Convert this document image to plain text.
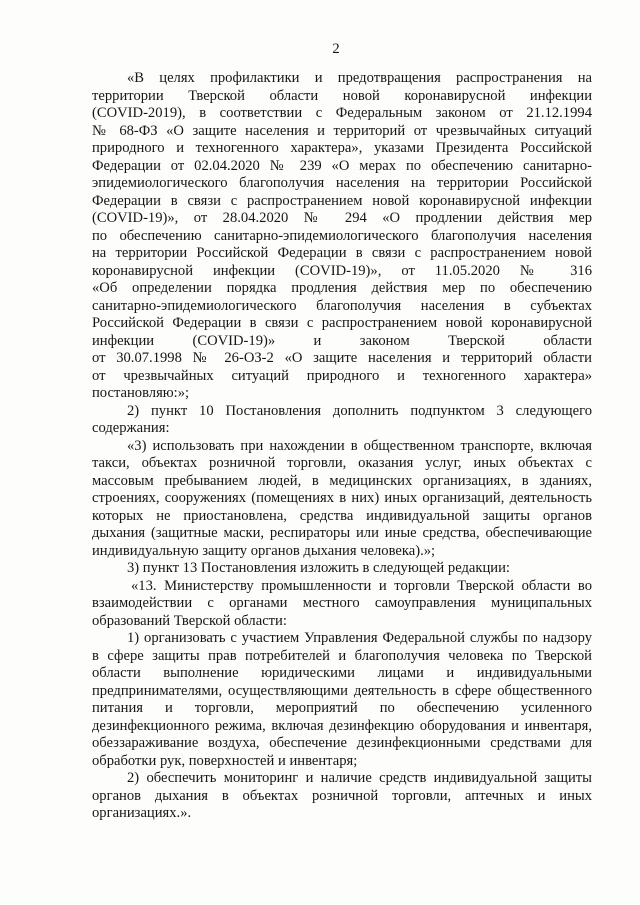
2
«В целях профилактики и предотвращения распространения на
территории Тверской области новой коронавирусной инфекции
(COVID-2019), в соответствии с Федеральным законом от 21.12.1994
№ 68-ФЗ «О защите населения и территорий от чрезвычайных ситуаций
природного и техногенного характера», указами Президента Российской
Федерации от 02.04.2020 № 239 «О мерах по обеспечению санитарно-
эпидемиологического благополучия населения на территории Российской
Федерации в связи с распространением новой коронавирусной инфекции
(COVID-19)», от 28.04.2020 № 294 «О продлении действия мер
по обеспечению санитарно-эпидемиологического благополучия населения
на территории Российской Федерации в связи с распространением новой
коронавирусной инфекции (COVID-19)», от 11.05.2020 № 316
«Об определении порядка продления действия мер по обеспечению
санитарно-эпидемиологического благополучия населения в субъектах
Российской Федерации в связи с распространением новой коронавирусной
инфекции (COVID-19)» и законом Тверской области
от 30.07.1998 № 26-ОЗ-2 «О защите населения и территорий области
от чрезвычайных ситуаций природного и техногенного характера»
постановляю:»;
2) пункт 10 Постановления дополнить подпунктом 3 следующего
содержания:
«3) использовать при нахождении в общественном транспорте, включая
такси, объектах розничной торговли, оказания услуг, иных объектах с
массовым пребыванием людей, в медицинских организациях, в зданиях,
строениях, сооружениях (помещениях в них) иных организаций, деятельность
которых не приостановлена, средства индивидуальной защиты органов
дыхания (защитные маски, респираторы или иные средства, обеспечивающие
индивидуальную защиту органов дыхания человека).»;
3) пункт 13 Постановления изложить в следующей редакции:
«13. Министерству промышленности и торговли Тверской области во
взаимодействии с органами местного самоуправления муниципальных
образований Тверской области:
1) организовать с участием Управления Федеральной службы по надзору
в сфере защиты прав потребителей и благополучия человека по Тверской
области выполнение юридическими лицами и индивидуальными
предпринимателями, осуществляющими деятельность в сфере общественного
питания и торговли, мероприятий по обеспечению усиленного
дезинфекционного режима, включая дезинфекцию оборудования и инвентаря,
обеззараживание воздуха, обеспечение дезинфекционными средствами для
обработки рук, поверхностей и инвентаря;
2) обеспечить мониторинг и наличие средств индивидуальной защиты
органов дыхания в объектах розничной торговли, аптечных и иных
организациях.».
